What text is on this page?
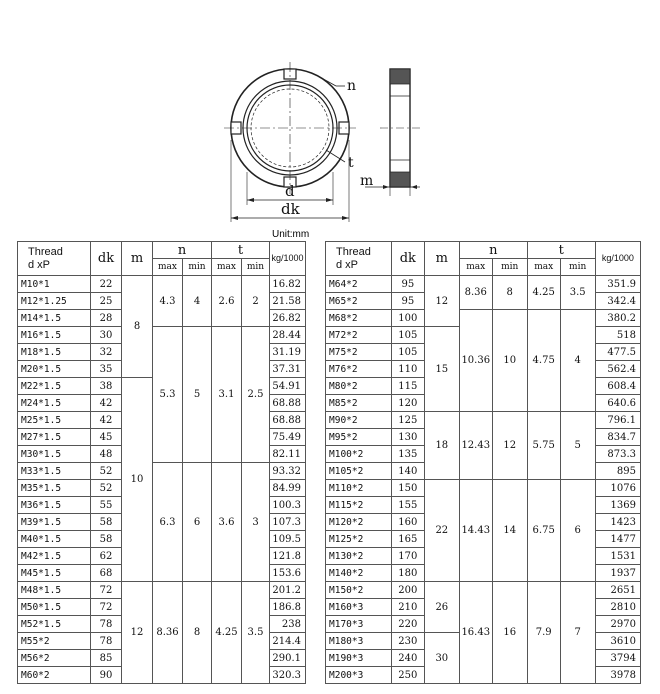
n
t
d
dk
m
Unit:mm
Thread
d xP	dk	m	n		t		kg/1000
			max	min	max	min	
M10*1	22	8	4.3	4	2.6	2	16.82
M12*1.25	25						21.58
M14*1.5	28						26.82
M16*1.5	30		5.3	5	3.1	2.5	28.44
M18*1.5	32						31.19
M20*1.5	35						37.31
M22*1.5	38	10					54.91
M24*1.5	42						68.88
M25*1.5	42						68.88
M27*1.5	45						75.49
M30*1.5	48						82.11
M33*1.5	52		6.3	6	3.6	3	93.32
M35*1.5	52						84.99
M36*1.5	55						100.3
M39*1.5	58						107.3
M40*1.5	58						109.5
M42*1.5	62						121.8
M45*1.5	68						153.6
M48*1.5	72	12	8.36	8	4.25	3.5	201.2
M50*1.5	72						186.8
M52*1.5	78						238
M55*2	78						214.4
M56*2	85						290.1
M60*2	90						320.3
Thread
d xP	dk	m	n		t		kg/1000
			max	min	max	min	
M64*2	95	12	8.36	8	4.25	3.5	351.9
M65*2	95						342.4
M68*2	100		10.36	10	4.75	4	380.2
M72*2	105	15					518
M75*2	105						477.5
M76*2	110						562.4
M80*2	115						608.4
M85*2	120						640.6
M90*2	125	18	12.43	12	5.75	5	796.1
M95*2	130						834.7
M100*2	135						873.3
M105*2	140						895
M110*2	150	22	14.43	14	6.75	6	1076
M115*2	155						1369
M120*2	160						1423
M125*2	165						1477
M130*2	170						1531
M140*2	180						1937
M150*2	200	26	16.43	16	7.9	7	2651
M160*3	210						2810
M170*3	220						2970
M180*3	230	30					3610
M190*3	240						3794
M200*3	250						3978
